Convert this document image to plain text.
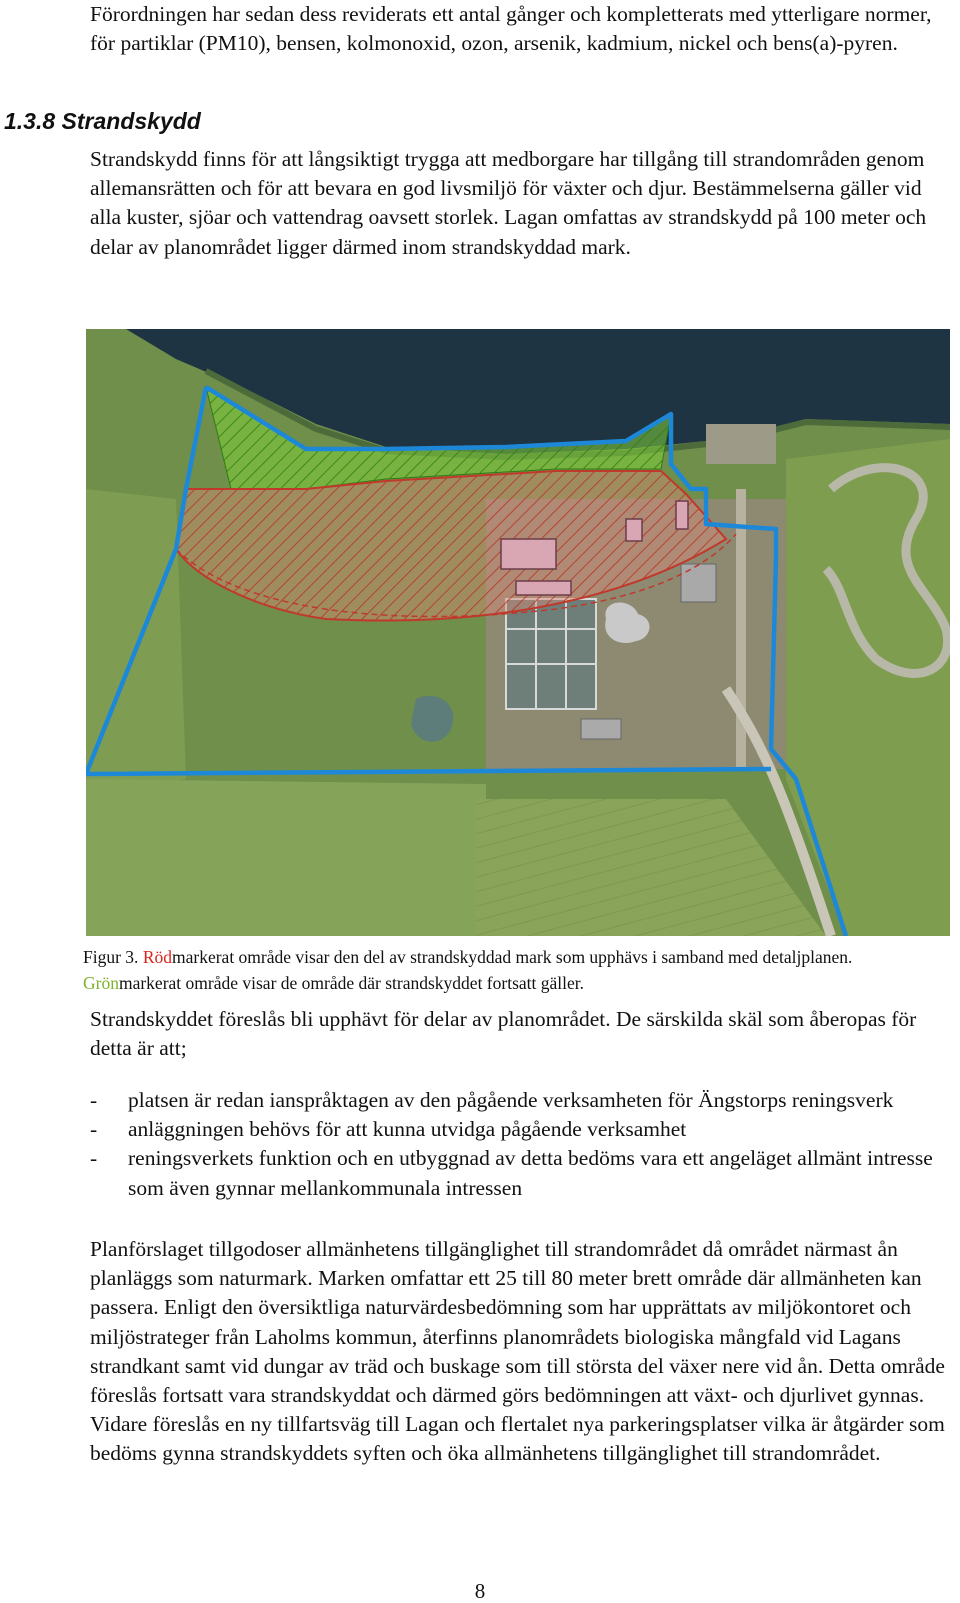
Förordningen har sedan dess reviderats ett antal gånger och kompletterats med ytterligare normer, för partiklar (PM10), bensen, kolmonoxid, ozon, arsenik, kadmium, nickel och bens(a)-pyren.

1.3.8 Strandskydd

Strandskydd finns för att långsiktigt trygga att medborgare har tillgång till strandområden genom allemansrätten och för att bevara en god livsmiljö för växter och djur. Bestämmelserna gäller vid alla kuster, sjöar och vattendrag oavsett storlek. Lagan omfattas av strandskydd på 100 meter och delar av planområdet ligger därmed inom strandskyddad mark.

Figur 3. Rödmarkerat område visar den del av strandskyddad mark som upphävs i samband med detaljplanen. Grönmarkerat område visar de område där strandskyddet fortsatt gäller.

Strandskyddet föreslås bli upphävt för delar av planområdet. De särskilda skäl som åberopas för detta är att;

- platsen är redan ianspråktagen av den pågående verksamheten för Ängstorps reningsverk
- anläggningen behövs för att kunna utvidga pågående verksamhet
- reningsverkets funktion och en utbyggnad av detta bedöms vara ett angeläget allmänt intresse som även gynnar mellankommunala intressen

Planförslaget tillgodoser allmänhetens tillgänglighet till strandområdet då området närmast ån planläggs som naturmark. Marken omfattar ett 25 till 80 meter brett område där allmänheten kan passera. Enligt den översiktliga naturvärdesbedömning som har upprättats av miljökontoret och miljöstrateger från Laholms kommun, återfinns planområdets biologiska mångfald vid Lagans strandkant samt vid dungar av träd och buskage som till största del växer nere vid ån. Detta område föreslås fortsatt vara strandskyddat och därmed görs bedömningen att växt- och djurlivet gynnas. Vidare föreslås en ny tillfartsväg till Lagan och flertalet nya parkeringsplatser vilka är åtgärder som bedöms gynna strandskyddets syften och öka allmänhetens tillgänglighet till strandområdet.

8
